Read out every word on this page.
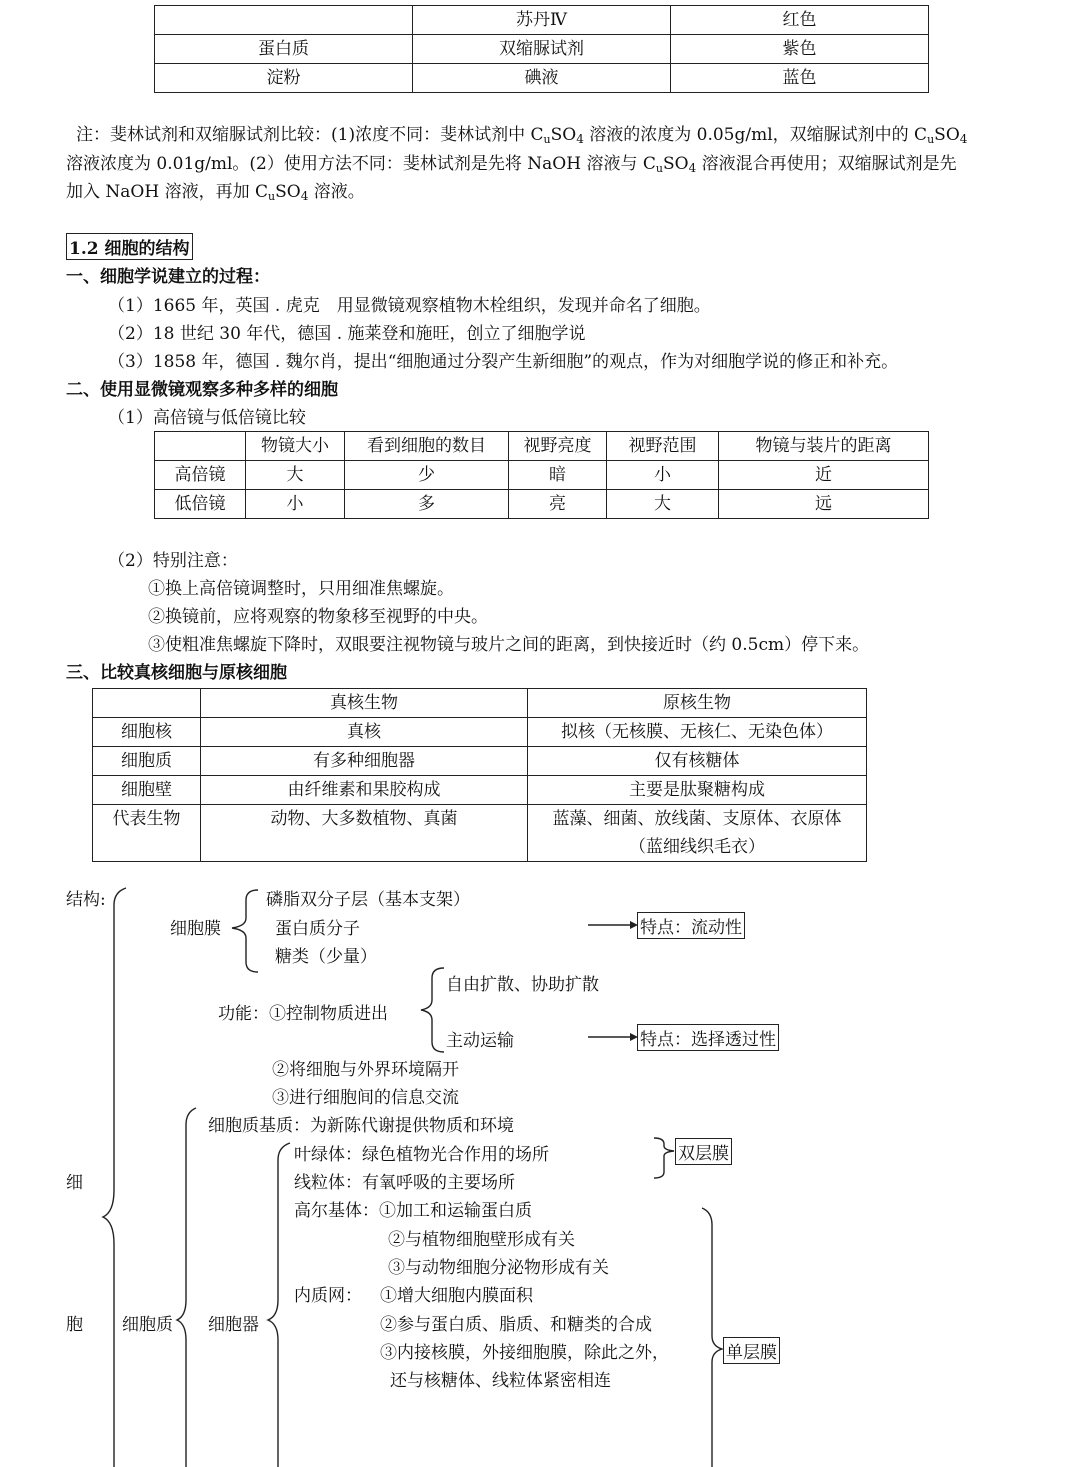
	苏丹Ⅳ	红色
蛋白质	双缩脲试剂	紫色
淀粉	碘液	蓝色
注：斐林试剂和双缩脲试剂比较：(1)浓度不同：斐林试剂中 $C_uSO_4$ 溶液的浓度为 0.05g/ml，双缩脲试剂中的 $C_uSO_4$
溶液浓度为 0.01g/ml。(2）使用方法不同：斐林试剂是先将 NaOH 溶液与 $C_uSO_4$ 溶液混合再使用；双缩脲试剂是先
加入 NaOH 溶液，再加 $C_uSO_4$ 溶液。
1.2 细胞的结构
一、细胞学说建立的过程：
（1）1665 年，英国 . 虎克　用显微镜观察植物木栓组织，发现并命名了细胞。
（2）18 世纪 30 年代，德国 . 施莱登和施旺，创立了细胞学说
（3）1858 年，德国 . 魏尔肖，提出“细胞通过分裂产生新细胞”的观点，作为对细胞学说的修正和补充。
二、使用显微镜观察多种多样的细胞
（1）高倍镜与低倍镜比较
	物镜大小	看到细胞的数目	视野亮度	视野范围	物镜与装片的距离
高倍镜	大	少	暗	小	近
低倍镜	小	多	亮	大	远
（2）特别注意：
①换上高倍镜调整时，只用细准焦螺旋。
②换镜前，应将观察的物象移至视野的中央。
③使粗准焦螺旋下降时，双眼要注视物镜与玻片之间的距离，到快接近时（约 0.5cm）停下来。
三、比较真核细胞与原核细胞
	真核生物	原核生物
细胞核	真核	拟核（无核膜、无核仁、无染色体）
细胞质	有多种细胞器	仅有核糖体
细胞壁	由纤维素和果胶构成	主要是肽聚糖构成
代表生物	动物、大多数植物、真菌	蓝藻、细菌、放线菌、支原体、衣原体
（蓝细线织毛衣）
结构:
细
胞
细胞膜
磷脂双分子层（基本支架）
蛋白质分子
糖类（少量）
特点：流动性
功能：①控制物质进出
自由扩散、协助扩散
主动运输	特点：选择透过性
②将细胞与外界环境隔开
③进行细胞间的信息交流
细胞质基质：为新陈代谢提供物质和环境
细胞质 细胞器
叶绿体：绿色植物光合作用的场所
线粒体：有氧呼吸的主要场所
双层膜
高尔基体：①加工和运输蛋白质
②与植物细胞壁形成有关
③与动物细胞分泌物形成有关
内质网： ①增大细胞内膜面积
②参与蛋白质、脂质、和糖类的合成
③内接核膜，外接细胞膜，除此之外，
还与核糖体、线粒体紧密相连
单层膜
